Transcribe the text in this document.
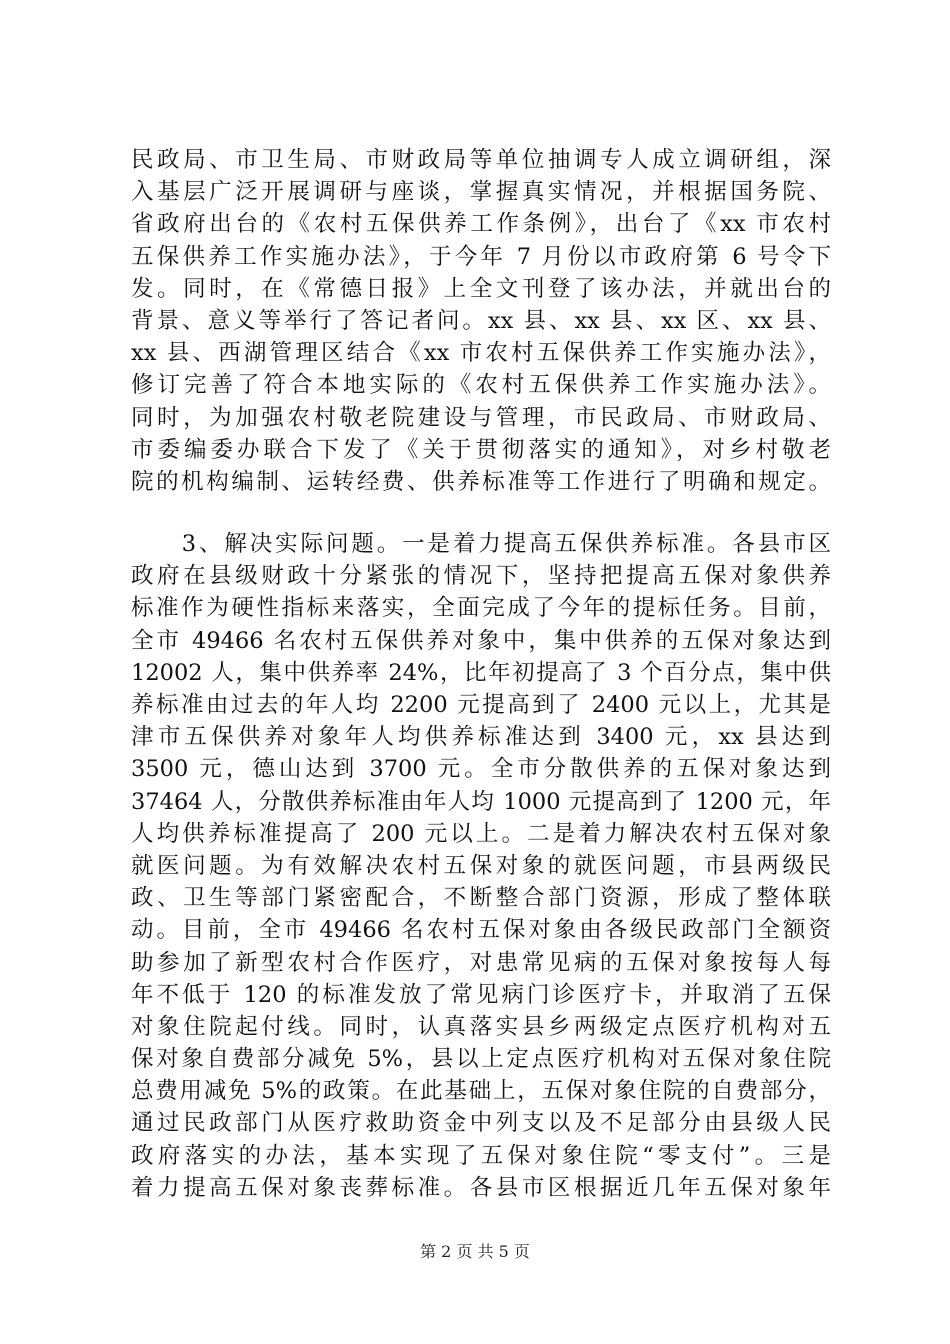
民政局、市卫生局、市财政局等单位抽调专人成立调研组，深
入基层广泛开展调研与座谈，掌握真实情况，并根据国务院、
省政府出台的《农村五保供养工作条例》，出台了《xx 市农村
五保供养工作实施办法》，于今年 7 月份以市政府第 6 号令下
发。同时，在《常德日报》上全文刊登了该办法，并就出台的
背景、意义等举行了答记者问。xx 县、xx 县、xx 区、xx 县、
xx 县、西湖管理区结合《xx 市农村五保供养工作实施办法》，
修订完善了符合本地实际的《农村五保供养工作实施办法》。
同时，为加强农村敬老院建设与管理，市民政局、市财政局、
市委编委办联合下发了《关于贯彻落实的通知》，对乡村敬老
院的机构编制、运转经费、供养标准等工作进行了明确和规定。
　　3、解决实际问题。一是着力提高五保供养标准。各县市区
政府在县级财政十分紧张的情况下，坚持把提高五保对象供养
标准作为硬性指标来落实，全面完成了今年的提标任务。目前，
全市 49466 名农村五保供养对象中，集中供养的五保对象达到
12002 人，集中供养率 24%，比年初提高了 3 个百分点，集中供
养标准由过去的年人均 2200 元提高到了 2400 元以上，尤其是
津市五保供养对象年人均供养标准达到 3400 元，xx 县达到
3500 元，德山达到 3700 元。全市分散供养的五保对象达到
37464 人，分散供养标准由年人均 1000 元提高到了 1200 元，年
人均供养标准提高了 200 元以上。二是着力解决农村五保对象
就医问题。为有效解决农村五保对象的就医问题，市县两级民
政、卫生等部门紧密配合，不断整合部门资源，形成了整体联
动。目前，全市 49466 名农村五保对象由各级民政部门全额资
助参加了新型农村合作医疗，对患常见病的五保对象按每人每
年不低于 120 的标准发放了常见病门诊医疗卡，并取消了五保
对象住院起付线。同时，认真落实县乡两级定点医疗机构对五
保对象自费部分减免 5%，县以上定点医疗机构对五保对象住院
总费用减免 5%的政策。在此基础上，五保对象住院的自费部分，
通过民政部门从医疗救助资金中列支以及不足部分由县级人民
政府落实的办法，基本实现了五保对象住院“零支付”。三是
着力提高五保对象丧葬标准。各县市区根据近几年五保对象年
第 2 页 共 5 页
